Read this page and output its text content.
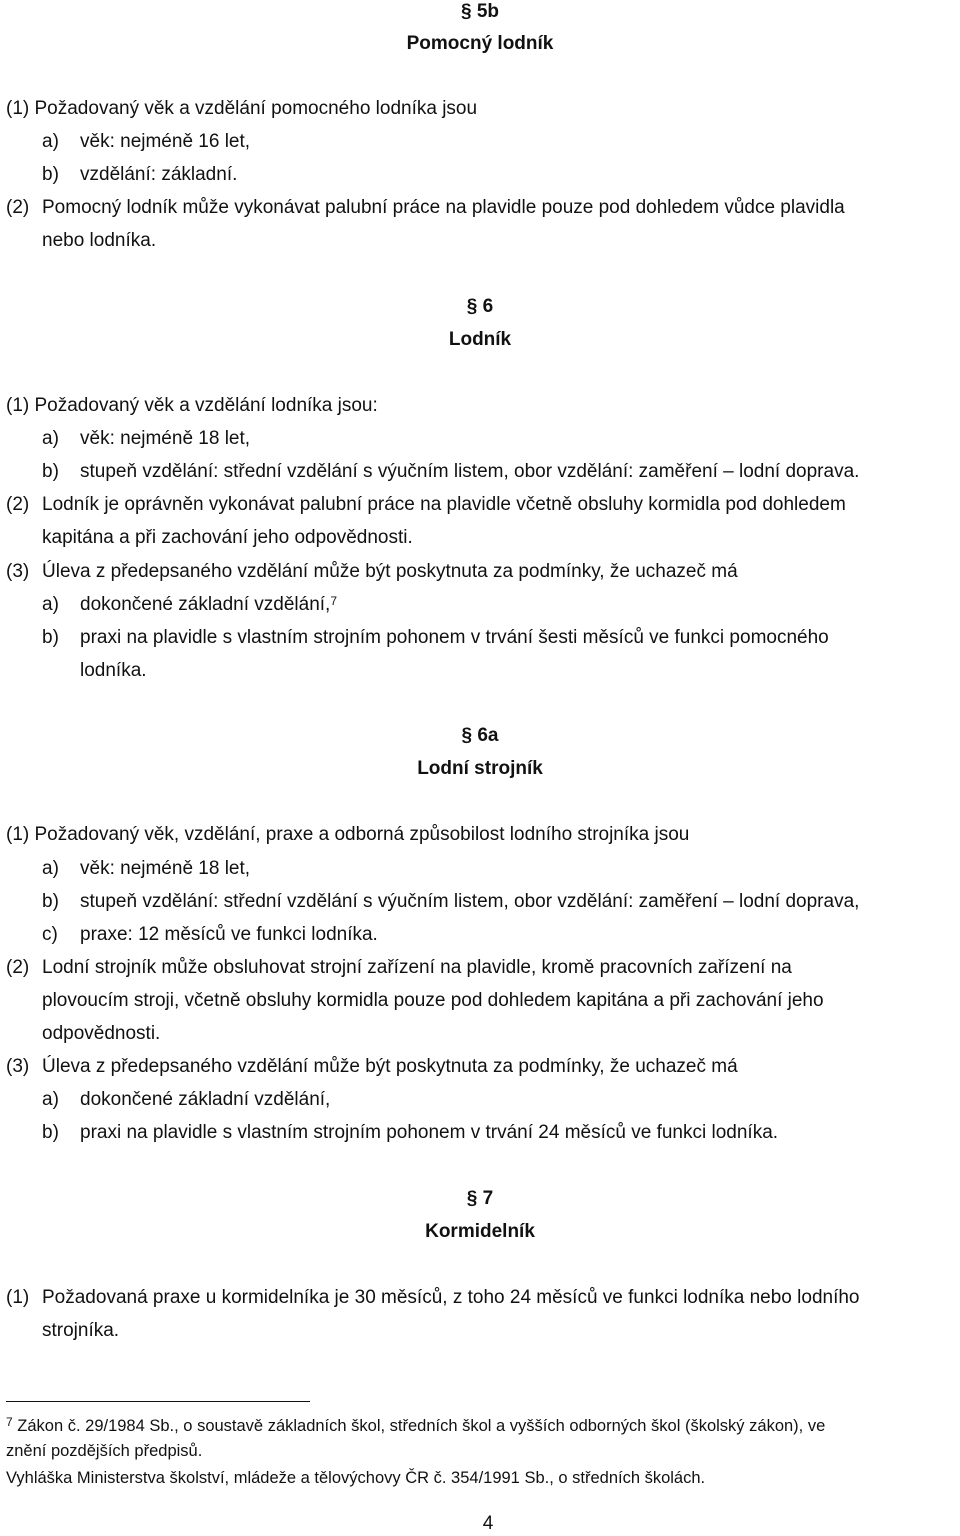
§ 5b
Pomocný lodník
(1) Požadovaný věk a vzdělání pomocného lodníka jsou
a) věk: nejméně 16 let,
b) vzdělání: základní.
(2) Pomocný lodník může vykonávat palubní práce na plavidle pouze pod dohledem vůdce plavidla
nebo lodníka.
§ 6
Lodník
(1) Požadovaný věk a vzdělání lodníka jsou:
a) věk: nejméně 18 let,
b) stupeň vzdělání: střední vzdělání s výučním listem, obor vzdělání: zaměření – lodní doprava.
(2) Lodník je oprávněn vykonávat palubní práce na plavidle včetně obsluhy kormidla pod dohledem
kapitána a při zachování jeho odpovědnosti.
(3) Úleva z předepsaného vzdělání může být poskytnuta za podmínky, že uchazeč má
a) dokončené základní vzdělání,$^7$
b) praxi na plavidle s vlastním strojním pohonem v trvání šesti měsíců ve funkci pomocného
lodníka.
§ 6a
Lodní strojník
(1) Požadovaný věk, vzdělání, praxe a odborná způsobilost lodního strojníka jsou
a) věk: nejméně 18 let,
b) stupeň vzdělání: střední vzdělání s výučním listem, obor vzdělání: zaměření – lodní doprava,
c) praxe: 12 měsíců ve funkci lodníka.
(2) Lodní strojník může obsluhovat strojní zařízení na plavidle, kromě pracovních zařízení na
plovoucím stroji, včetně obsluhy kormidla pouze pod dohledem kapitána a při zachování jeho
odpovědnosti.
(3) Úleva z předepsaného vzdělání může být poskytnuta za podmínky, že uchazeč má
a) dokončené základní vzdělání,
b) praxi na plavidle s vlastním strojním pohonem v trvání 24 měsíců ve funkci lodníka.
§ 7
Kormidelník
(1) Požadovaná praxe u kormidelníka je 30 měsíců, z toho 24 měsíců ve funkci lodníka nebo lodního
strojníka.
$^7$ Zákon č. 29/1984 Sb., o soustavě základních škol, středních škol a vyšších odborných škol (školský zákon), ve
znění pozdějších předpisů.
Vyhláška Ministerstva školství, mládeže a tělovýchovy ČR č. 354/1991 Sb., o středních školách.
4
